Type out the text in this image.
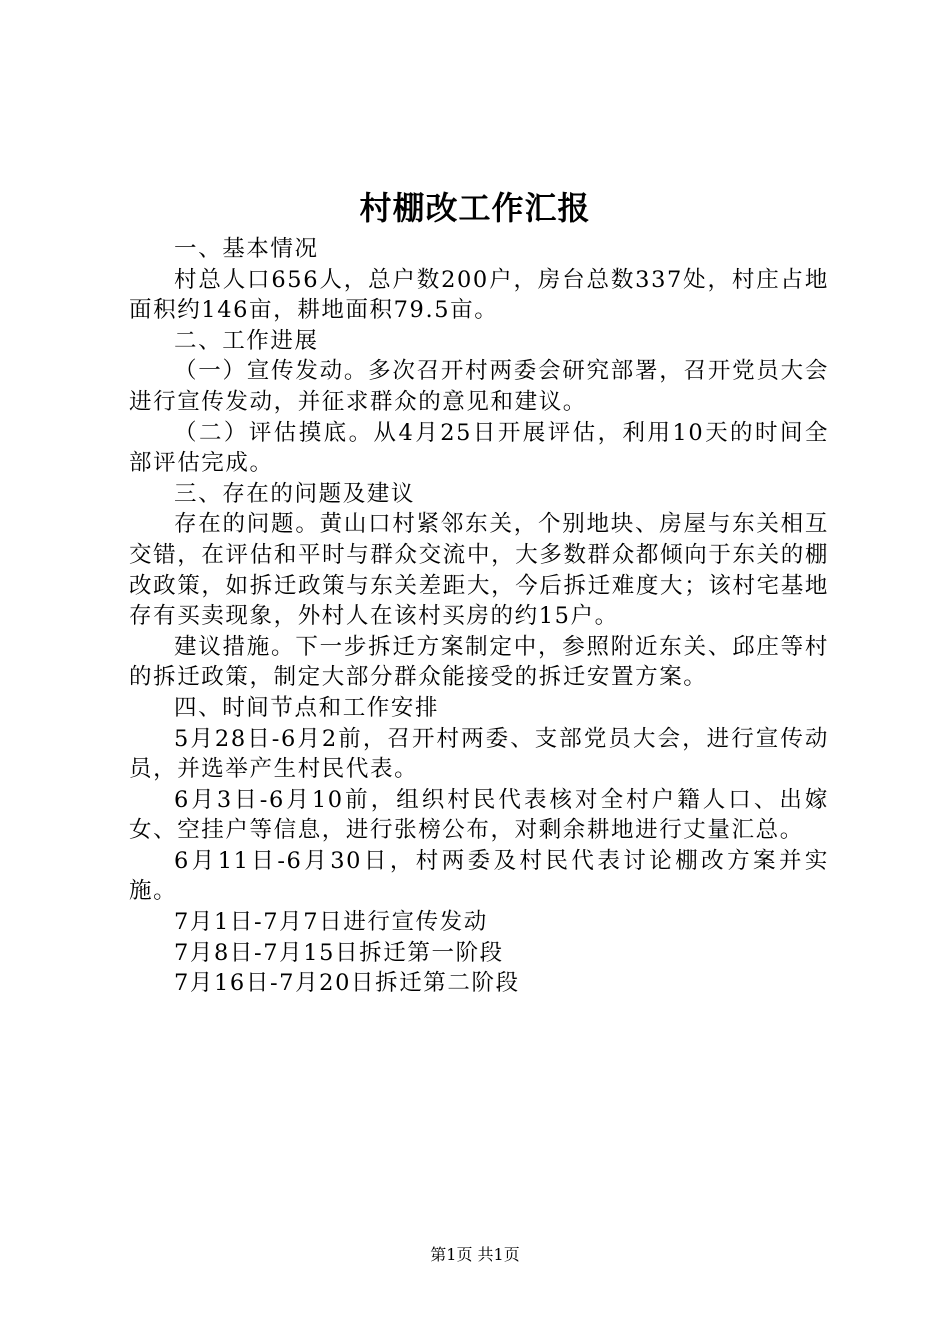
村棚改工作汇报

一、基本情况

村总人口656人，总户数200户，房台总数337处，村庄占地面积约146亩，耕地面积79.5亩。

二、工作进展

（一）宣传发动。多次召开村两委会研究部署，召开党员大会进行宣传发动，并征求群众的意见和建议。

（二）评估摸底。从4月25日开展评估，利用10天的时间全部评估完成。

三、存在的问题及建议

存在的问题。黄山口村紧邻东关，个别地块、房屋与东关相互交错，在评估和平时与群众交流中，大多数群众都倾向于东关的棚改政策，如拆迁政策与东关差距大，今后拆迁难度大；该村宅基地存有买卖现象，外村人在该村买房的约15户。

建议措施。下一步拆迁方案制定中，参照附近东关、邱庄等村的拆迁政策，制定大部分群众能接受的拆迁安置方案。

四、时间节点和工作安排

5月28日-6月2前，召开村两委、支部党员大会，进行宣传动员，并选举产生村民代表。

6月3日-6月10前，组织村民代表核对全村户籍人口、出嫁女、空挂户等信息，进行张榜公布，对剩余耕地进行丈量汇总。

6月11日-6月30日，村两委及村民代表讨论棚改方案并实施。

7月1日-7月7日进行宣传发动

7月8日-7月15日拆迁第一阶段

7月16日-7月20日拆迁第二阶段

第1页 共1页
